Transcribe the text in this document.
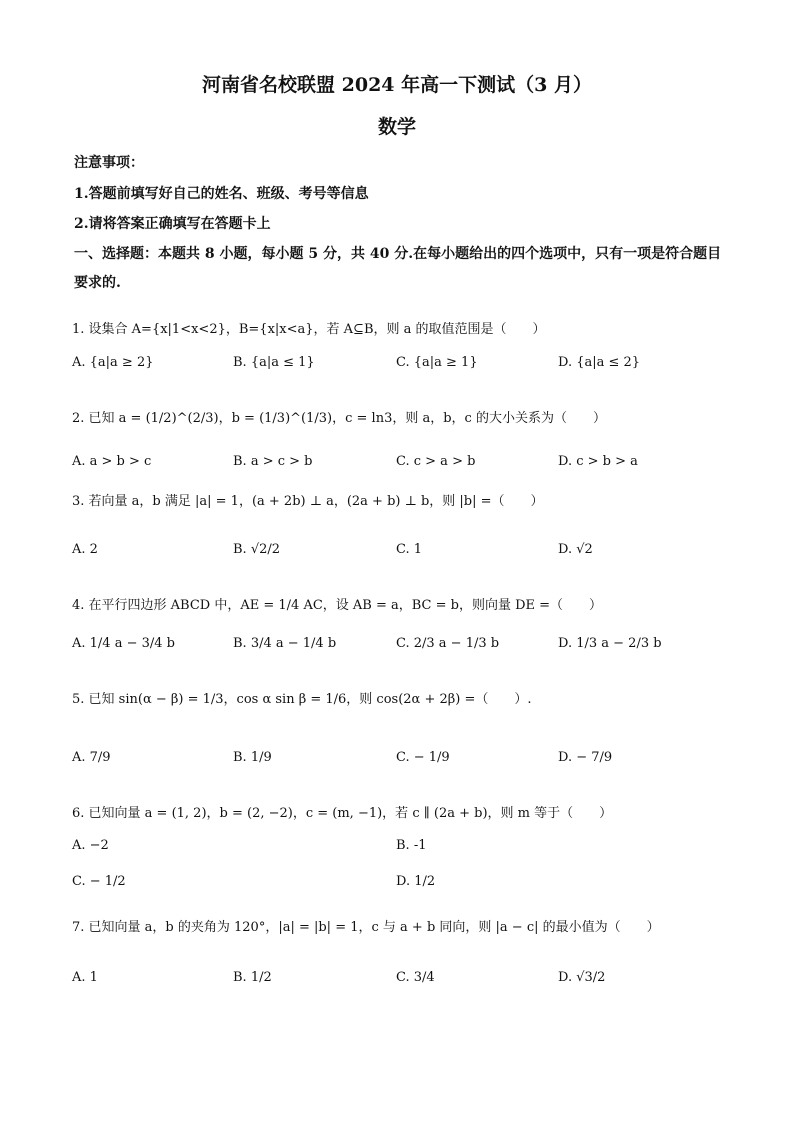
河南省名校联盟 2024 年高一下测试（3 月）
数学
注意事项：
1.答题前填写好自己的姓名、班级、考号等信息
2.请将答案正确填写在答题卡上
一、选择题：本题共 8 小题，每小题 5 分，共 40 分.在每小题给出的四个选项中，只有一项是符合题目要求的.
1. 设集合 A={x|1<x<2}，B={x|x<a}，若 A⊆B，则 a 的取值范围是（　　）
A. {a|a ≥ 2}	B. {a|a ≤ 1}	C. {a|a ≥ 1}	D. {a|a ≤ 2}
2. 已知 a = (1/2)^(2/3)，b = (1/3)^(1/3)，c = ln3，则 a，b，c 的大小关系为（　　）
A. a > b > c	B. a > c > b	C. c > a > b	D. c > b > a
3. 若向量 a，b 满足 |a| = 1，(a + 2b) ⊥ a，(2a + b) ⊥ b，则 |b| =（　　）
A. 2	B. √2/2	C. 1	D. √2
4. 在平行四边形 ABCD 中，AE = 1/4 AC，设 AB = a，BC = b，则向量 DE =（　　）
A. 1/4 a − 3/4 b	B. 3/4 a − 1/4 b	C. 2/3 a − 1/3 b	D. 1/3 a − 2/3 b
5. 已知 sin(α − β) = 1/3，cos α sin β = 1/6，则 cos(2α + 2β) =（　　）.
A. 7/9	B. 1/9	C. − 1/9	D. − 7/9
6. 已知向量 a = (1, 2)，b = (2, −2)，c = (m, −1)，若 c ∥ (2a + b)，则 m 等于（　　）
A. −2	B. -1
C. − 1/2	D. 1/2
7. 已知向量 a，b 的夹角为 120°，|a| = |b| = 1，c 与 a + b 同向，则 |a − c| 的最小值为（　　）
A. 1	B. 1/2	C. 3/4	D. √3/2
